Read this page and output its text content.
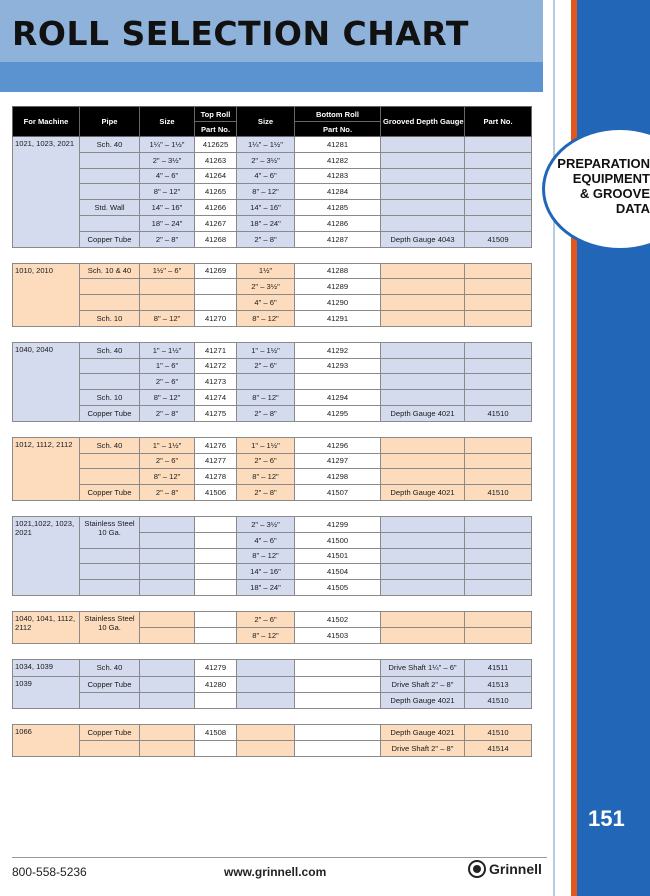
ROLL SELECTION CHART
PREPARATION
EQUIPMENT
& GROOVE
DATA
151
For Machine	Pipe	Size	Top Roll	Size	Bottom Roll	Grooved Depth Gauge	Part No.
			Part No.		Part No.		
1021, 1023, 2021	Sch. 40	1¼" – 1½"	412625	1¼" – 1½"	41281		
		2" – 3½"	41263	2" – 3½"	41282		
		4" – 6"	41264	4" – 6"	41283		
		8" – 12"	41265	8" – 12"	41284		
	Std. Wall	14" – 16"	41266	14" – 16"	41285		
		18" – 24"	41267	18" – 24"	41286		
	Copper Tube	2" – 8"	41268	2" – 8"	41287	Depth Gauge 4043	41509

1010, 2010	Sch. 10 & 40	1½" – 6"	41269	1½"	41288		
				2" – 3½"	41289		
				4" – 6"	41290		
	Sch. 10	8" – 12"	41270	8" – 12"	41291		

1040, 2040	Sch. 40	1" – 1½"	41271	1" – 1½"	41292		
		1" – 6"	41272	2" – 6"	41293		
		2" – 6"	41273				
	Sch. 10	8" – 12"	41274	8" – 12"	41294		
	Copper Tube	2" – 8"	41275	2" – 8"	41295	Depth Gauge 4021	41510

1012, 1112, 2112	Sch. 40	1" – 1½"	41276	1" – 1½"	41296		
		2" – 6"	41277	2" – 6"	41297		
		8" – 12"	41278	8" – 12"	41298		
	Copper Tube	2" – 8"	41506	2" – 8"	41507	Depth Gauge 4021	41510

1021,1022, 1023, 2021	Stainless Steel 10 Ga.			2" – 3½"	41299		
				4" – 6"	41500		
				8" – 12"	41501		
				14" – 16"	41504		
				18" – 24"	41505		

1040, 1041, 1112, 2112	Stainless Steel 10 Ga.			2" – 6"	41502		
				8" – 12"	41503		

1034, 1039	Sch. 40		41279			Drive Shaft 1¼" – 6"	41511
1039	Copper Tube		41280			Drive Shaft 2" – 8"	41513
						Depth Gauge 4021	41510

1066	Copper Tube		41508			Depth Gauge 4021	41510
						Drive Shaft 2" – 8"	41514
800-558-5236	www.grinnell.com	Grinnell
